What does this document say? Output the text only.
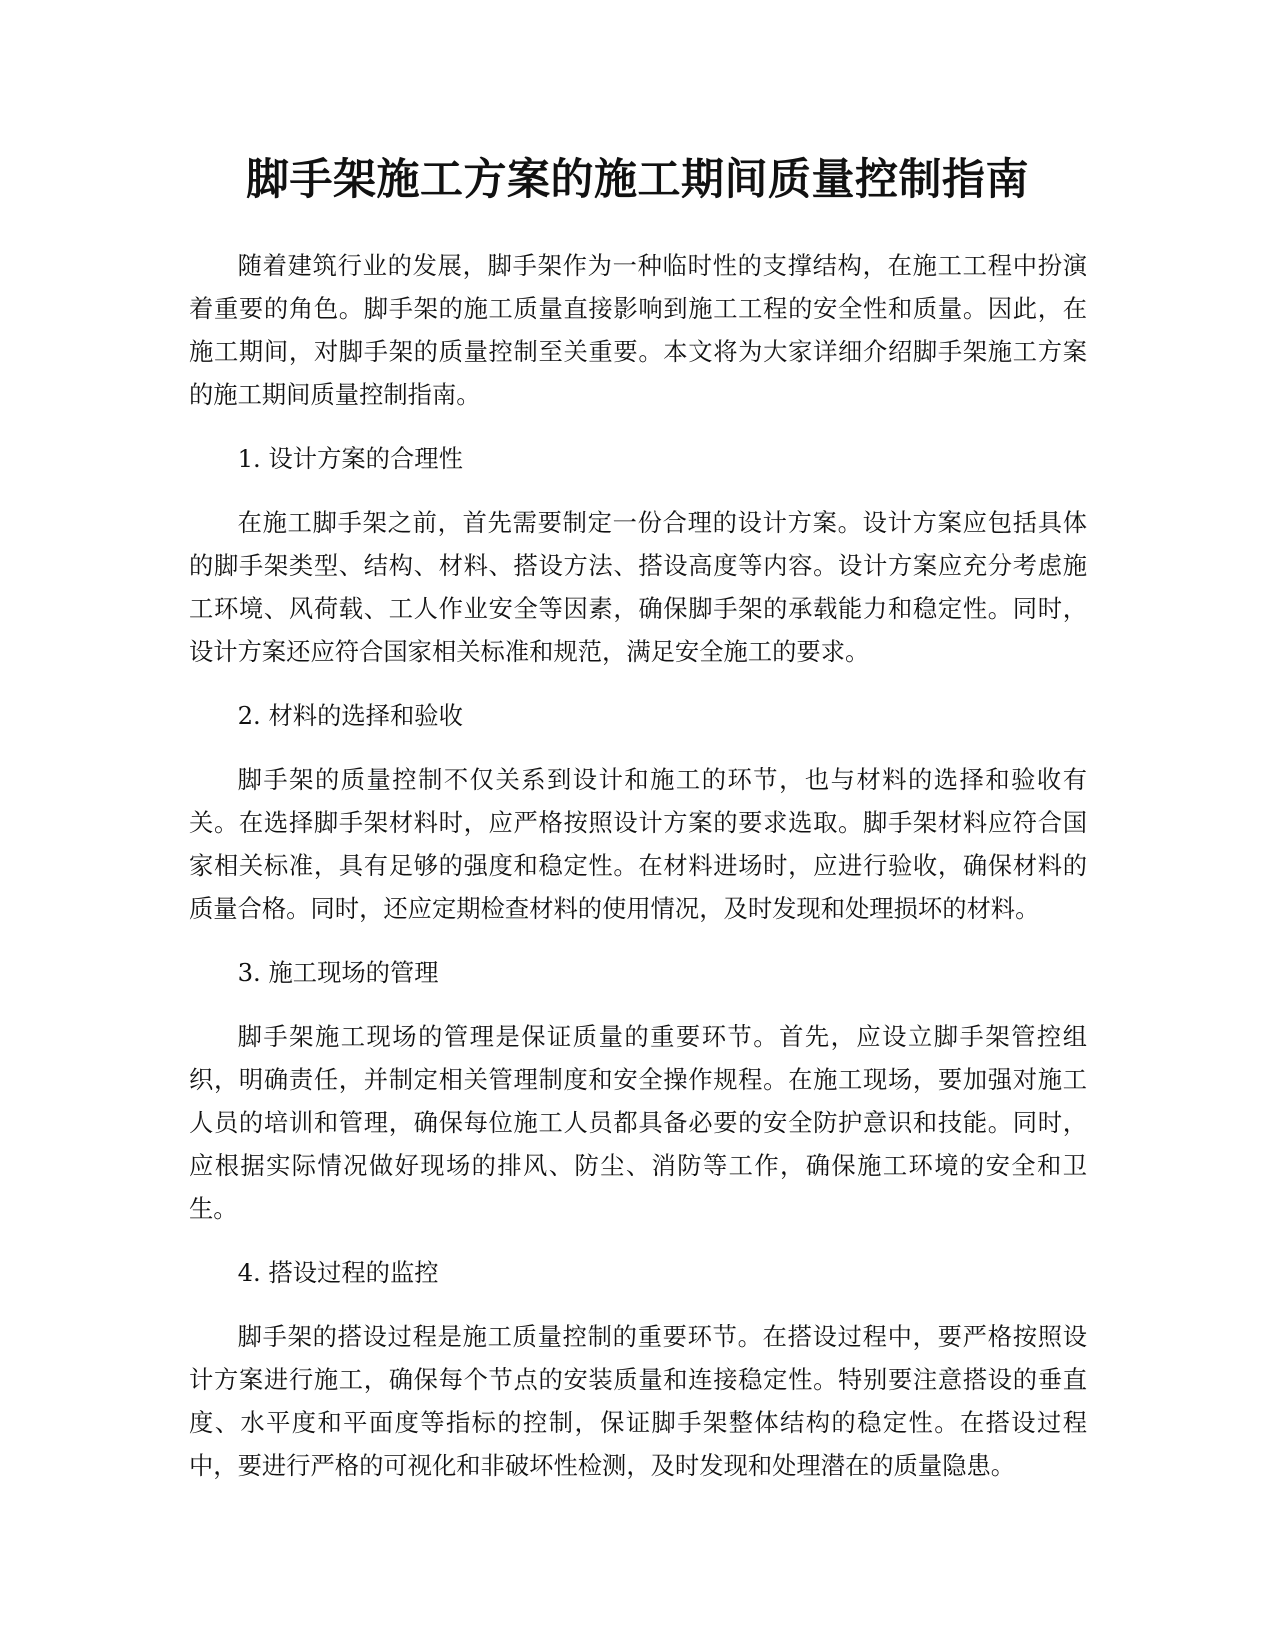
脚手架施工方案的施工期间质量控制指南

随着建筑行业的发展，脚手架作为一种临时性的支撑结构，在施工工程中扮演着重要的角色。脚手架的施工质量直接影响到施工工程的安全性和质量。因此，在施工期间，对脚手架的质量控制至关重要。本文将为大家详细介绍脚手架施工方案的施工期间质量控制指南。

1. 设计方案的合理性

在施工脚手架之前，首先需要制定一份合理的设计方案。设计方案应包括具体的脚手架类型、结构、材料、搭设方法、搭设高度等内容。设计方案应充分考虑施工环境、风荷载、工人作业安全等因素，确保脚手架的承载能力和稳定性。同时，设计方案还应符合国家相关标准和规范，满足安全施工的要求。

2. 材料的选择和验收

脚手架的质量控制不仅关系到设计和施工的环节，也与材料的选择和验收有关。在选择脚手架材料时，应严格按照设计方案的要求选取。脚手架材料应符合国家相关标准，具有足够的强度和稳定性。在材料进场时，应进行验收，确保材料的质量合格。同时，还应定期检查材料的使用情况，及时发现和处理损坏的材料。

3. 施工现场的管理

脚手架施工现场的管理是保证质量的重要环节。首先，应设立脚手架管控组织，明确责任，并制定相关管理制度和安全操作规程。在施工现场，要加强对施工人员的培训和管理，确保每位施工人员都具备必要的安全防护意识和技能。同时，应根据实际情况做好现场的排风、防尘、消防等工作，确保施工环境的安全和卫生。

4. 搭设过程的监控

脚手架的搭设过程是施工质量控制的重要环节。在搭设过程中，要严格按照设计方案进行施工，确保每个节点的安装质量和连接稳定性。特别要注意搭设的垂直度、水平度和平面度等指标的控制，保证脚手架整体结构的稳定性。在搭设过程中，要进行严格的可视化和非破坏性检测，及时发现和处理潜在的质量隐患。
